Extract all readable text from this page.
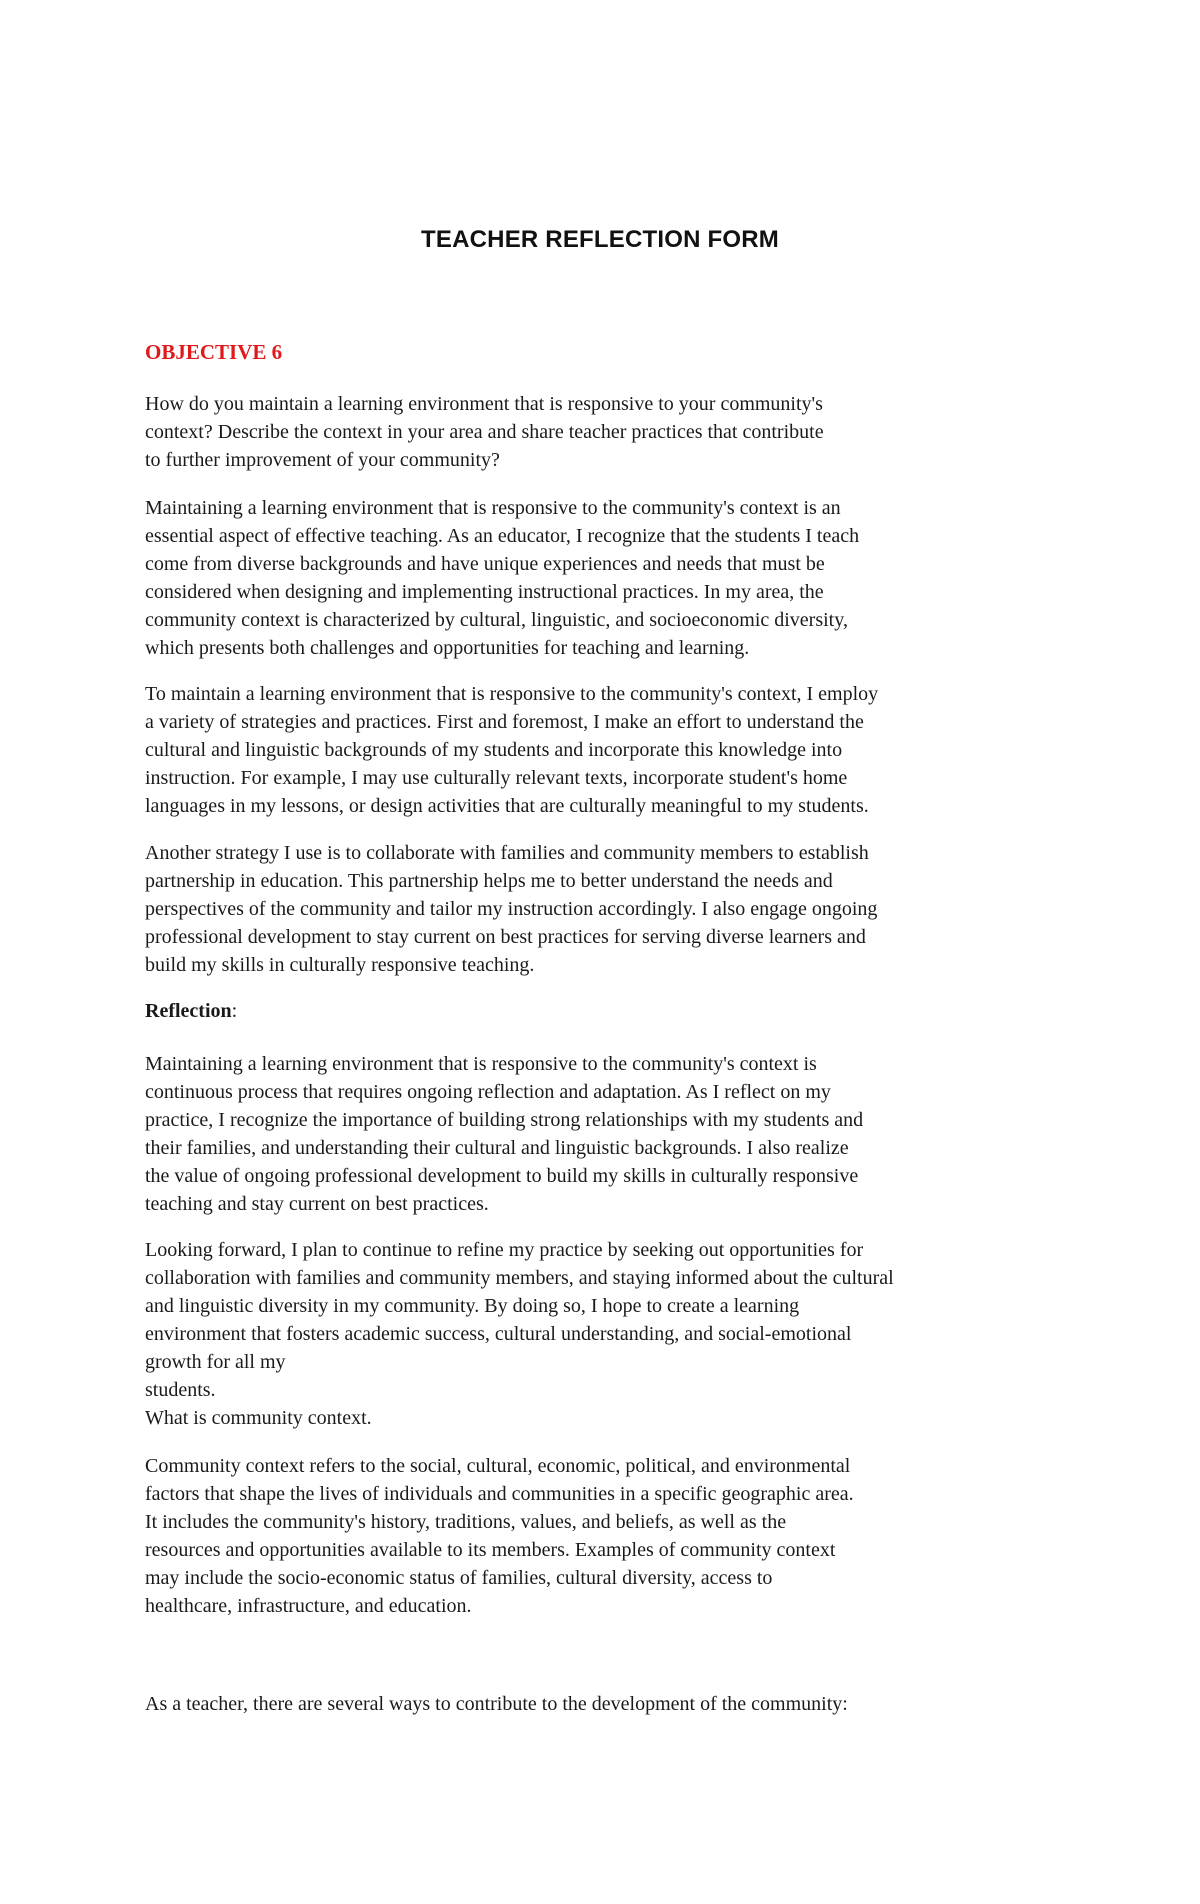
TEACHER REFLECTION FORM
OBJECTIVE 6

How do you maintain a learning environment that is responsive to your community's
context? Describe the context in your area and share teacher practices that contribute
to further improvement of your community?

Maintaining a learning environment that is responsive to the community's context is an
essential aspect of effective teaching. As an educator, I recognize that the students I teach
come from diverse backgrounds and have unique experiences and needs that must be
considered when designing and implementing instructional practices. In my area, the
community context is characterized by cultural, linguistic, and socioeconomic diversity,
which presents both challenges and opportunities for teaching and learning.

To maintain a learning environment that is responsive to the community's context, I employ
a variety of strategies and practices. First and foremost, I make an effort to understand the
cultural and linguistic backgrounds of my students and incorporate this knowledge into
instruction. For example, I may use culturally relevant texts, incorporate student's home
languages in my lessons, or design activities that are culturally meaningful to my students.

Another strategy I use is to collaborate with families and community members to establish
partnership in education. This partnership helps me to better understand the needs and
perspectives of the community and tailor my instruction accordingly. I also engage ongoing
professional development to stay current on best practices for serving diverse learners and
build my skills in culturally responsive teaching.

Reflection:

Maintaining a learning environment that is responsive to the community's context is
continuous process that requires ongoing reflection and adaptation. As I reflect on my
practice, I recognize the importance of building strong relationships with my students and
their families, and understanding their cultural and linguistic backgrounds. I also realize
the value of ongoing professional development to build my skills in culturally responsive
teaching and stay current on best practices.

Looking forward, I plan to continue to refine my practice by seeking out opportunities for
collaboration with families and community members, and staying informed about the cultural
and linguistic diversity in my community. By doing so, I hope to create a learning
environment that fosters academic success, cultural understanding, and social-emotional
growth for all my
students.
What is community context.

Community context refers to the social, cultural, economic, political, and environmental
factors that shape the lives of individuals and communities in a specific geographic area.
It includes the community's history, traditions, values, and beliefs, as well as the
resources and opportunities available to its members. Examples of community context
may include the socio-economic status of families, cultural diversity, access to
healthcare, infrastructure, and education.

As a teacher, there are several ways to contribute to the development of the community:
